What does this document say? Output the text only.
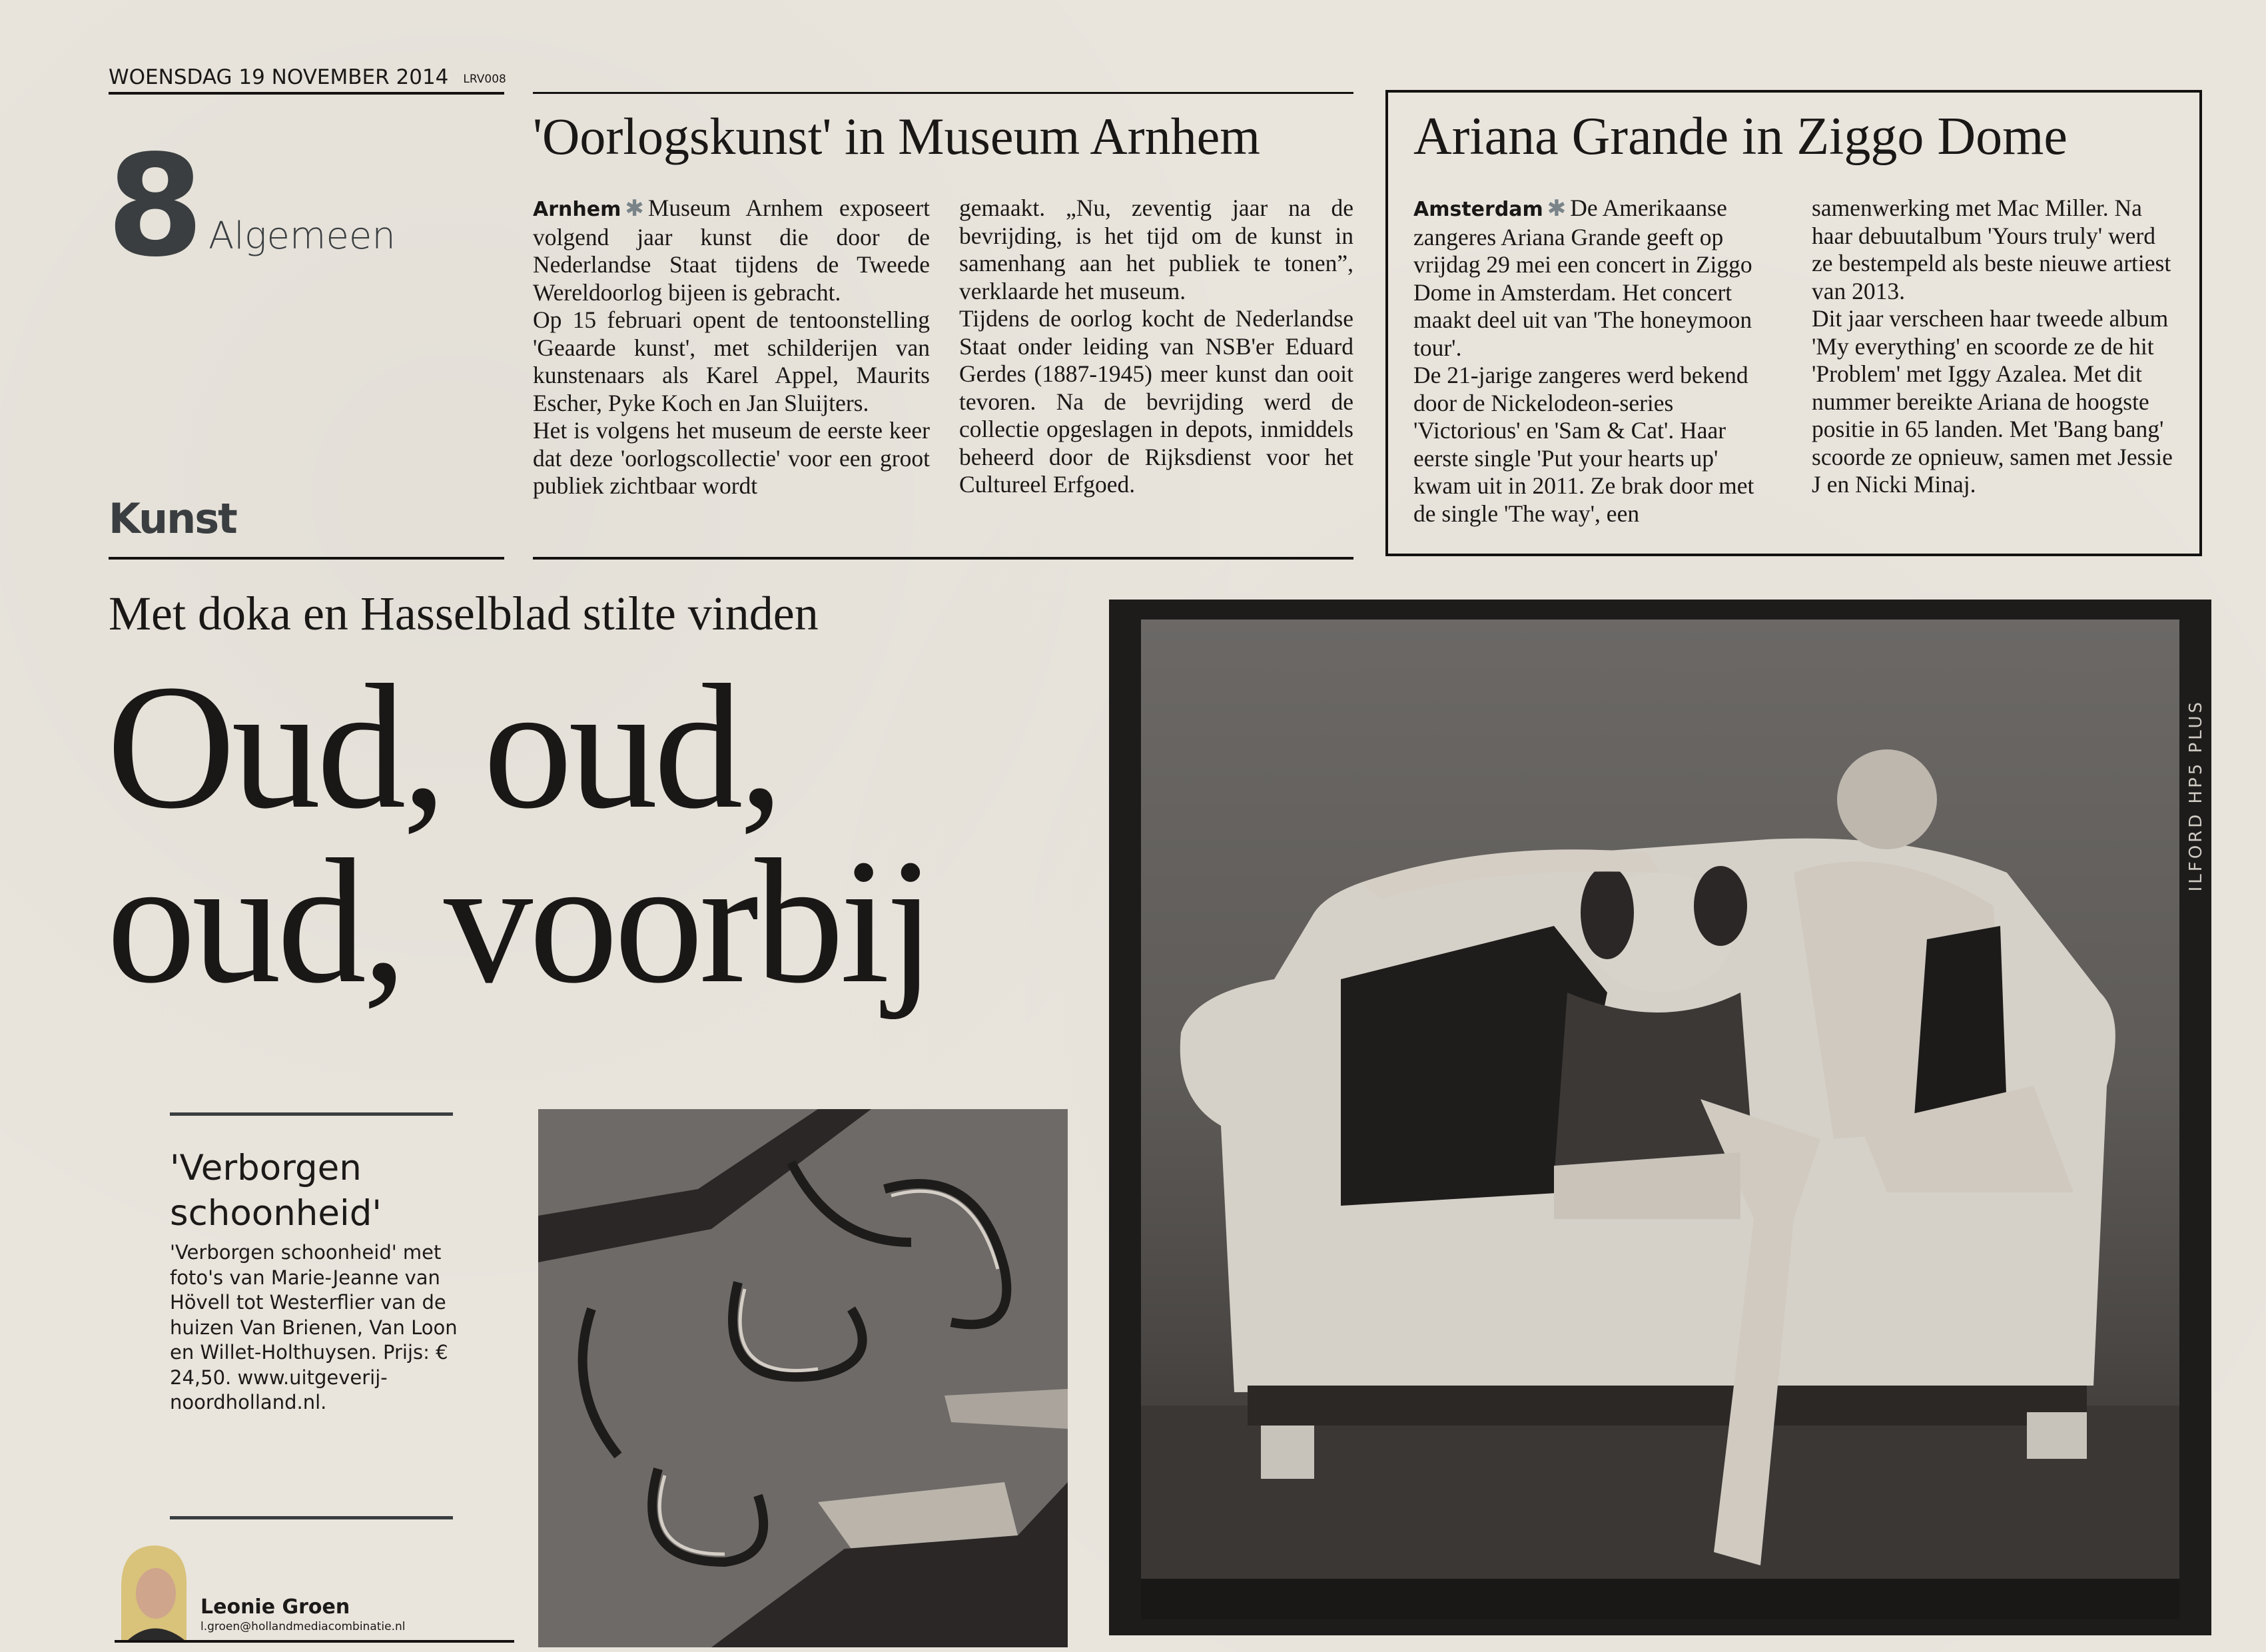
WOENSDAG 19 NOVEMBER 2014 LRV008
8 Algemeen
Kunst
'Oorlogskunst' in Museum Arnhem

Arnhem ✱ Museum Arnhem exposeert volgend jaar kunst die door de Nederlandse Staat tijdens de Tweede Wereldoorlog bijeen is gebracht.

Op 15 februari opent de tentoonstelling 'Geaarde kunst', met schilderijen van kunstenaars als Karel Appel, Maurits Escher, Pyke Koch en Jan Sluijters.

Het is volgens het museum de eerste keer dat deze 'oorlogscollectie' voor een groot publiek zichtbaar wordt

gemaakt. „Nu, zeventig jaar na de bevrijding, is het tijd om de kunst in samenhang aan het publiek te tonen”, verklaarde het museum.

Tijdens de oorlog kocht de Nederlandse Staat onder leiding van NSB'er Eduard Gerdes (1887-1945) meer kunst dan ooit tevoren. Na de bevrijding werd de collectie opgeslagen in depots, inmiddels beheerd door de Rijksdienst voor het Cultureel Erfgoed.

Ariana Grande in Ziggo Dome

Amsterdam ✱ De Amerikaanse zangeres Ariana Grande geeft op vrijdag 29 mei een concert in Ziggo Dome in Amsterdam. Het concert maakt deel uit van 'The honeymoon tour'.

De 21-jarige zangeres werd bekend door de Nickelodeon-series 'Victorious' en 'Sam & Cat'. Haar eerste single 'Put your hearts up' kwam uit in 2011. Ze brak door met de single 'The way', een

samenwerking met Mac Miller. Na haar debuutalbum 'Yours truly' werd ze bestempeld als beste nieuwe artiest van 2013.

Dit jaar verscheen haar tweede album 'My everything' en scoorde ze de hit 'Problem' met Iggy Azalea. Met dit nummer bereikte Ariana de hoogste positie in 65 landen. Met 'Bang bang' scoorde ze opnieuw, samen met Jessie J en Nicki Minaj.

Met doka en Hasselblad stilte vinden
Oud, oud,
oud, voorbij
ILFORD HP5 PLUS
'Verborgen schoonheid'
'Verborgen schoonheid' met foto's van Marie-Jeanne van Hövell tot Westerflier van de huizen Van Brienen, Van Loon en Willet-Holthuysen. Prijs: € 24,50. www.uitgeverij-noordholland.nl.
Leonie Groen
l.groen@hollandmediacombinatie.nl
